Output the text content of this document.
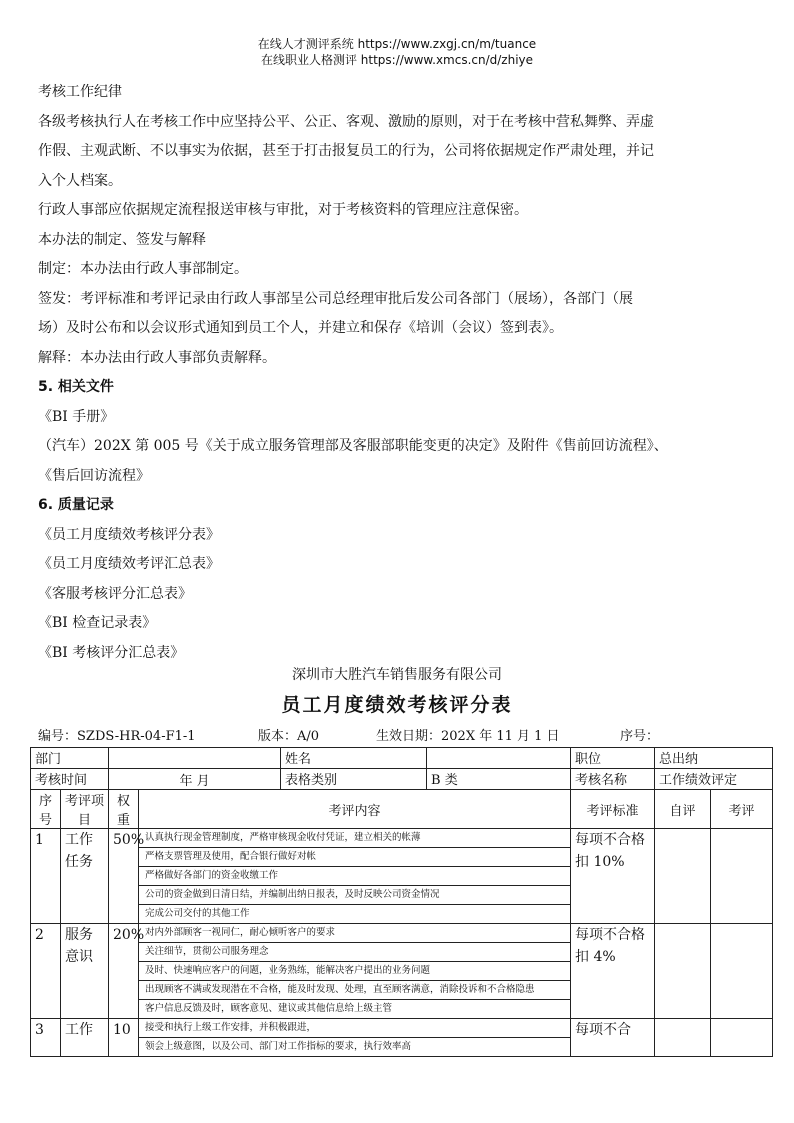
在线人才测评系统 https://www.zxgj.cn/m/tuance
在线职业人格测评 https://www.xmcs.cn/d/zhiye

考核工作纪律

各级考核执行人在考核工作中应坚持公平、公正、客观、激励的原则，对于在考核中营私舞弊、弄虚

作假、主观武断、不以事实为依据，甚至于打击报复员工的行为，公司将依据规定作严肃处理，并记

入个人档案。

行政人事部应依据规定流程报送审核与审批，对于考核资料的管理应注意保密。

本办法的制定、签发与解释

制定：本办法由行政人事部制定。

签发：考评标准和考评记录由行政人事部呈公司总经理审批后发公司各部门（展场），各部门（展

场）及时公布和以会议形式通知到员工个人，并建立和保存《培训（会议）签到表》。

解释：本办法由行政人事部负责解释。

5. 相关文件

《BI 手册》

（汽车）202X 第 005 号《关于成立服务管理部及客服部职能变更的决定》及附件《售前回访流程》、

《售后回访流程》

6. 质量记录

《员工月度绩效考核评分表》

《员工月度绩效考评汇总表》

《客服考核评分汇总表》

《BI 检查记录表》

《BI 考核评分汇总表》

深圳市大胜汽车销售服务有限公司
员工月度绩效考核评分表
编号：SZDS-HR-04-F1-1	版本：A/0	生效日期：202X 年 11 月 1 日	序号：
部门				姓名		职位	总出纳	
考核时间		年 月		表格类别	B 类	考核名称	工作绩效评定	
序号	考评项目	权重	考评内容			考评标准	自评	考评
1	工作任务	50%	认真执行现金管理制度，严格审核现金收付凭证，建立相关的帐薄
严格支票管理及使用，配合银行做好对帐
严格做好各部门的资金收缴工作
公司的资金做到日清日结，并编制出纳日报表，及时反映公司资金情况
完成公司交付的其他工作			每项不合格扣 10%		
2	服务意识	20%	对内外部顾客一视同仁，耐心倾听客户的要求
关注细节，贯彻公司服务理念
及时、快速响应客户的问题，业务熟练，能解决客户提出的业务问题
出现顾客不满或发现潜在不合格，能及时发现、处理，直至顾客满意，消除投诉和不合格隐患
客户信息反馈及时，顾客意见、建议或其他信息给上级主管			每项不合格扣 4%		
3	工作	10	接受和执行上级工作安排，并积极跟进，
领会上级意图，以及公司、部门对工作指标的要求，执行效率高			每项不合		
